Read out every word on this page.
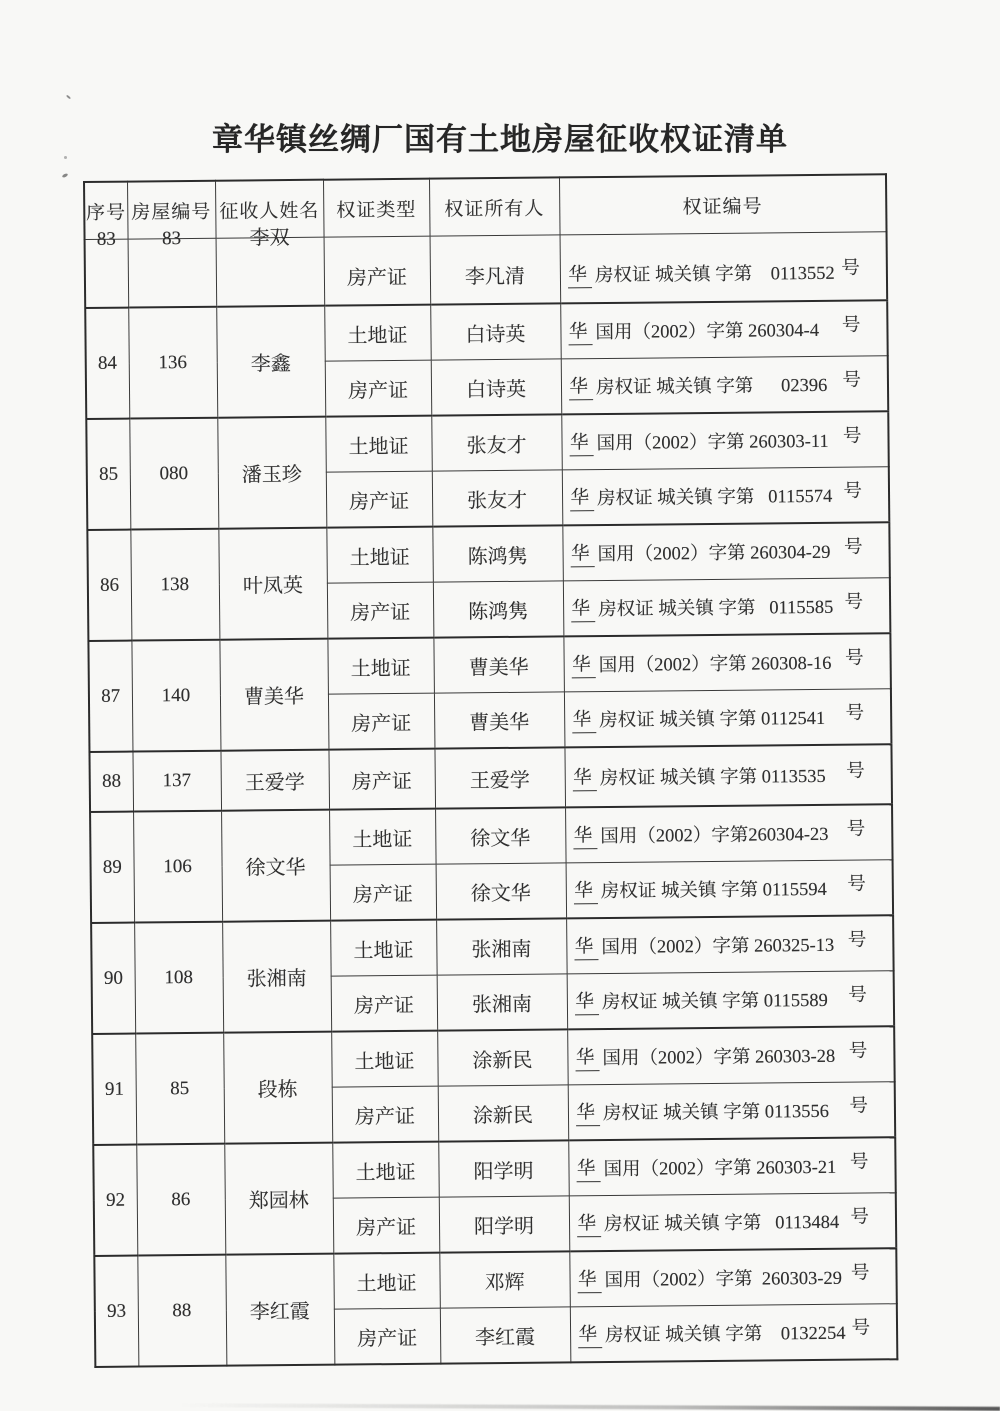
章华镇丝绸厂国有土地房屋征收权证清单
序号	房屋编号	征收人姓名	权证类型	权证所有人	权证编号

83	83	李双	房产证	李凡清	华 房权证 城关镇 字第    0113552 号

84	136	李鑫	土地证	白诗英	华 国用（2002）字第 260304-4 号

			房产证	白诗英	华 房权证 城关镇 字第      02396 号

85	080	潘玉珍	土地证	张友才	华 国用（2002）字第 260303-11 号

			房产证	张友才	华 房权证 城关镇 字第   0115574 号

86	138	叶凤英	土地证	陈鸿隽	华 国用（2002）字第 260304-29 号

			房产证	陈鸿隽	华 房权证 城关镇 字第   0115585 号

87	140	曹美华	土地证	曹美华	华 国用（2002）字第 260308-16 号

			房产证	曹美华	华 房权证 城关镇 字第 0112541 号

88	137	王爱学	房产证	王爱学	华 房权证 城关镇 字第 0113535 号

89	106	徐文华	土地证	徐文华	华 国用（2002）字第260304-23 号

			房产证	徐文华	华 房权证 城关镇 字第 0115594 号

90	108	张湘南	土地证	张湘南	华 国用（2002）字第 260325-13 号

			房产证	张湘南	华 房权证 城关镇 字第 0115589 号

91	85	段栋	土地证	涂新民	华 国用（2002）字第 260303-28 号

			房产证	涂新民	华 房权证 城关镇 字第 0113556 号

92	86	郑园林	土地证	阳学明	华 国用（2002）字第 260303-21 号

			房产证	阳学明	华 房权证 城关镇 字第   0113484 号

93	88	李红霞	土地证	邓辉	华 国用（2002）字第  260303-29 号

			房产证	李红霞	华 房权证 城关镇 字第    0132254 号
